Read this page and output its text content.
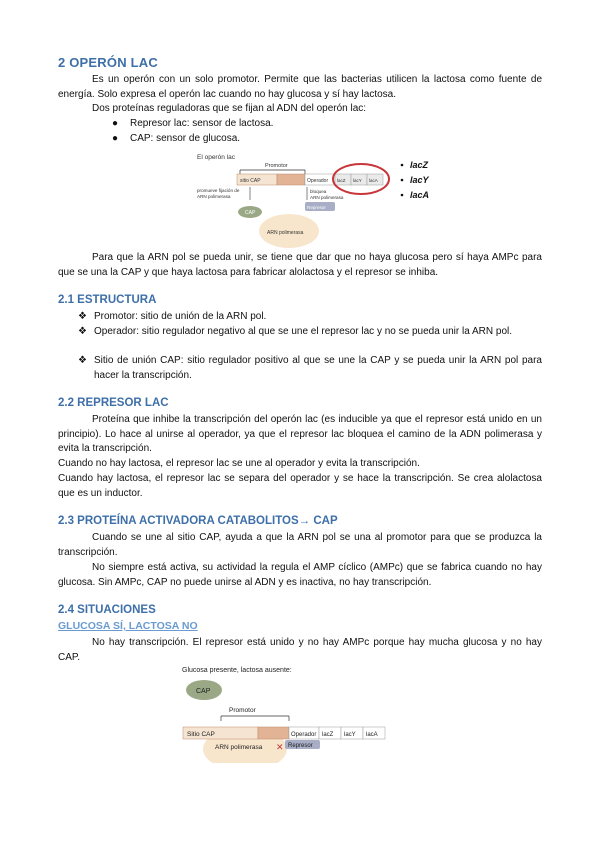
2 OPERÓN LAC
Es un operón con un solo promotor. Permite que las bacterias utilicen la lactosa como fuente de energía. Solo expresa el operón lac cuando no hay glucosa y sí hay lactosa.
Dos proteínas reguladoras que se fijan al ADN del operón lac:
● Represor lac: sensor de lactosa.
● CAP: sensor de glucosa.
El operón lac
Promotor
sitio CAP	Operador lacZ lacY lacA
promueve fijación de
ARN polimerasa
bloquea
ARN polimerasa
CAP
Represor
ARN polimerasa
lacZ
lacY
lacA
Para que la ARN pol se pueda unir, se tiene que dar que no haya glucosa pero sí haya AMPc para que se una la CAP y que haya lactosa para fabricar alolactosa y el represor se inhiba.
2.1 ESTRUCTURA
❖ Promotor: sitio de unión de la ARN pol.
❖ Operador: sitio regulador negativo al que se une el represor lac y no se pueda unir la ARN pol.
❖ Sitio de unión CAP: sitio regulador positivo al que se une la CAP y se pueda unir la ARN pol para hacer la transcripción.
2.2 REPRESOR LAC
Proteína que inhibe la transcripción del operón lac (es inducible ya que el represor está unido en un principio). Lo hace al unirse al operador, ya que el represor lac bloquea el camino de la ADN polimerasa y evita la transcripción.
Cuando no hay lactosa, el represor lac se une al operador y evita la transcripción.
Cuando hay lactosa, el represor lac se separa del operador y se hace la transcripción. Se crea alolactosa que es un inductor.
2.3 PROTEÍNA ACTIVADORA CATABOLITOS→ CAP
Cuando se une al sitio CAP, ayuda a que la ARN pol se una al promotor para que se produzca la transcripción.
No siempre está activa, su actividad la regula el AMP cíclico (AMPc) que se fabrica cuando no hay glucosa. Sin AMPc, CAP no puede unirse al ADN y es inactiva, no hay transcripción.
2.4 SITUACIONES
GLUCOSA SÍ, LACTOSA NO
No hay transcripción. El represor está unido y no hay AMPc porque hay mucha glucosa y no hay CAP.
Glucosa presente, lactosa ausente:
CAP
Promotor
Sitio CAP	Operador lacZ lacY lacA
ARN polimerasa	Represor
✕
